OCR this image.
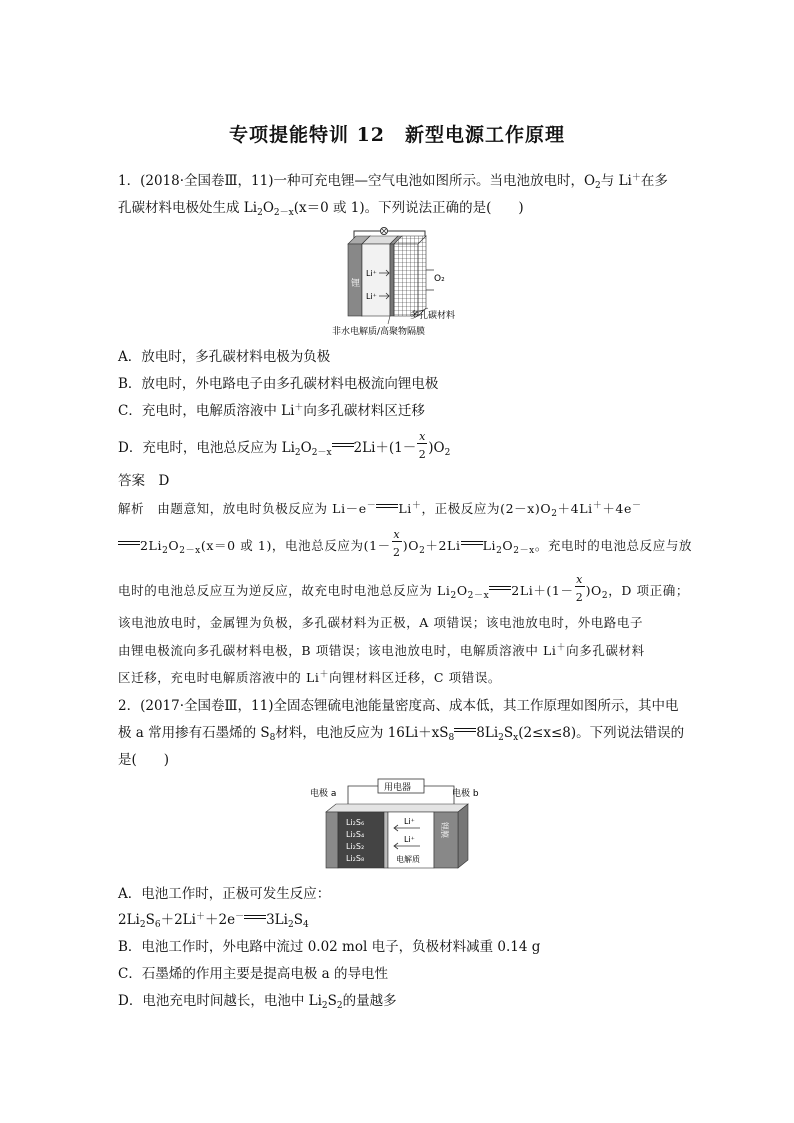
专项提能特训 12　新型电源工作原理
1．(2018·全国卷Ⅲ，11)一种可充电锂—空气电池如图所示。当电池放电时，$O_2$与 Li＋在多
孔碳材料电极处生成 $Li_2O_{2-x}(x=0$ 或 1)。下列说法正确的是(　　)
锂
Li⁺
Li⁺
O₂
多孔碳材料
非水电解质/高聚物隔膜
A．放电时，多孔碳材料电极为负极
B．放电时，外电路电子由多孔碳材料电极流向锂电极
C．充电时，电解质溶液中 Li＋向多孔碳材料区迁移
D．充电时，电池总反应为 $Li_2O_{2-x}$ $2Li+(1- \frac{x}{2} )O_2$
答案　D
解析　由题意知，放电时负极反应为 Li－e－ Li＋，正极反应为$(2-x)O_2+4Li^++4e^-$
$2Li_2O_{2-x}(x=0$ 或 1)，电池总反应为$(1- \frac{x}{2} )O_2+2Li$ $Li_2O_{2-x}$。充电时的电池总反应与放
电时的电池总反应互为逆反应，故充电时电池总反应为 $Li_2O_{2-x}$ $2Li+(1- \frac{x}{2} )O_2$，D 项正确；
该电池放电时，金属锂为负极，多孔碳材料为正极，A 项错误；该电池放电时，外电路电子
由锂电极流向多孔碳材料电极，B 项错误；该电池放电时，电解质溶液中 Li＋向多孔碳材料
区迁移，充电时电解质溶液中的 Li＋向锂材料区迁移，C 项错误。
2．(2017·全国卷Ⅲ，11)全固态锂硫电池能量密度高、成本低，其工作原理如图所示，其中电
极 a 常用掺有石墨烯的 $S_8$材料，电池反应为 $16Li+xS_8$ $8Li_2S_x(2\le x\le 8)$。下列说法错误的
是(　　)
用电器
电极 a	电极 b
Li₂S₆
Li₂S₄
Li₂S₂
Li₂S₈
Li⁺
Li⁺
电解质
锂膜
A．电池工作时，正极可发生反应：
$2Li_2S_6+2Li^++2e^-$ $3Li_2S_4$
B．电池工作时，外电路中流过 0.02 mol 电子，负极材料减重 0.14 g
C．石墨烯的作用主要是提高电极 a 的导电性
D．电池充电时间越长，电池中 $Li_2S_2$的量越多
